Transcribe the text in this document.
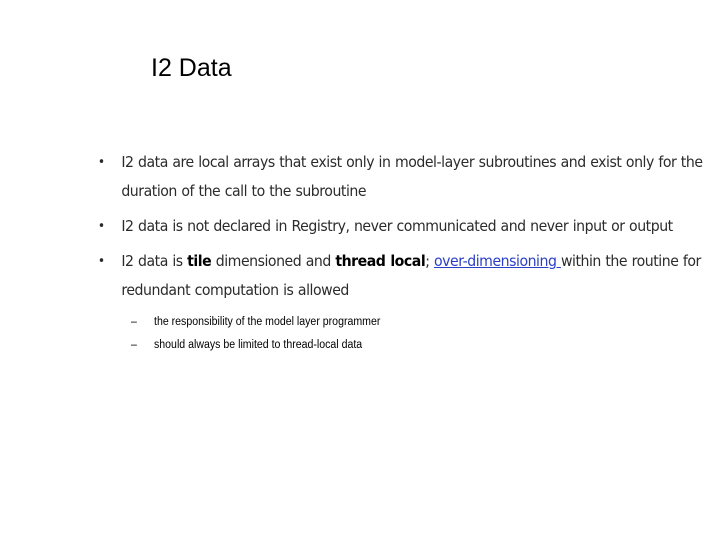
I2 Data
• I2 data are local arrays that exist only in model-layer subroutines and exist only for the duration of the call to the subroutine
• I2 data is not declared in Registry, never communicated and never input or output
• I2 data is tile dimensioned and thread local; over-dimensioning within the routine for redundant computation is allowed
– the responsibility of the model layer programmer
– should always be limited to thread-local data
